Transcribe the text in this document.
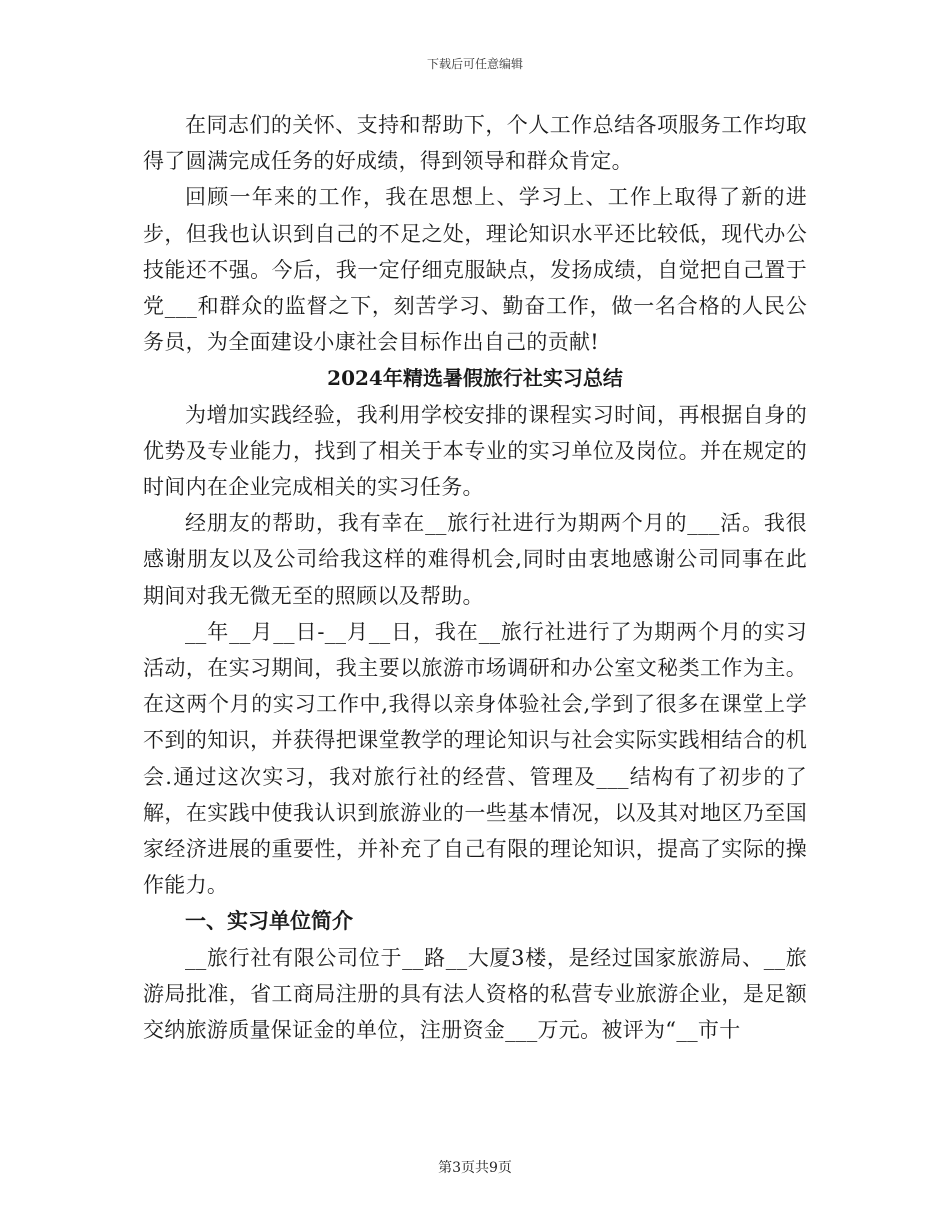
下载后可任意编辑

在同志们的关怀、支持和帮助下，个人工作总结各项服务工作均取得了圆满完成任务的好成绩，得到领导和群众肯定。

回顾一年来的工作，我在思想上、学习上、工作上取得了新的进步，但我也认识到自己的不足之处，理论知识水平还比较低，现代办公技能还不强。今后，我一定仔细克服缺点，发扬成绩，自觉把自己置于党___和群众的监督之下，刻苦学习、勤奋工作，做一名合格的人民公务员，为全面建设小康社会目标作出自己的贡献!

2024年精选暑假旅行社实习总结

为增加实践经验，我利用学校安排的课程实习时间，再根据自身的优势及专业能力，找到了相关于本专业的实习单位及岗位。并在规定的时间内在企业完成相关的实习任务。

经朋友的帮助，我有幸在__旅行社进行为期两个月的___活。我很感谢朋友以及公司给我这样的难得机会,同时由衷地感谢公司同事在此期间对我无微无至的照顾以及帮助。

__年__月__日-__月__日，我在__旅行社进行了为期两个月的实习活动，在实习期间，我主要以旅游市场调研和办公室文秘类工作为主。在这两个月的实习工作中,我得以亲身体验社会,学到了很多在课堂上学不到的知识，并获得把课堂教学的理论知识与社会实际实践相结合的机会.通过这次实习，我对旅行社的经营、管理及___结构有了初步的了解，在实践中使我认识到旅游业的一些基本情况，以及其对地区乃至国家经济进展的重要性，并补充了自己有限的理论知识，提高了实际的操作能力。

一、实习单位简介

__旅行社有限公司位于__路__大厦3楼，是经过国家旅游局、__旅游局批准，省工商局注册的具有法人资格的私营专业旅游企业，是足额交纳旅游质量保证金的单位，注册资金___万元。被评为“__市十

第3页共9页
